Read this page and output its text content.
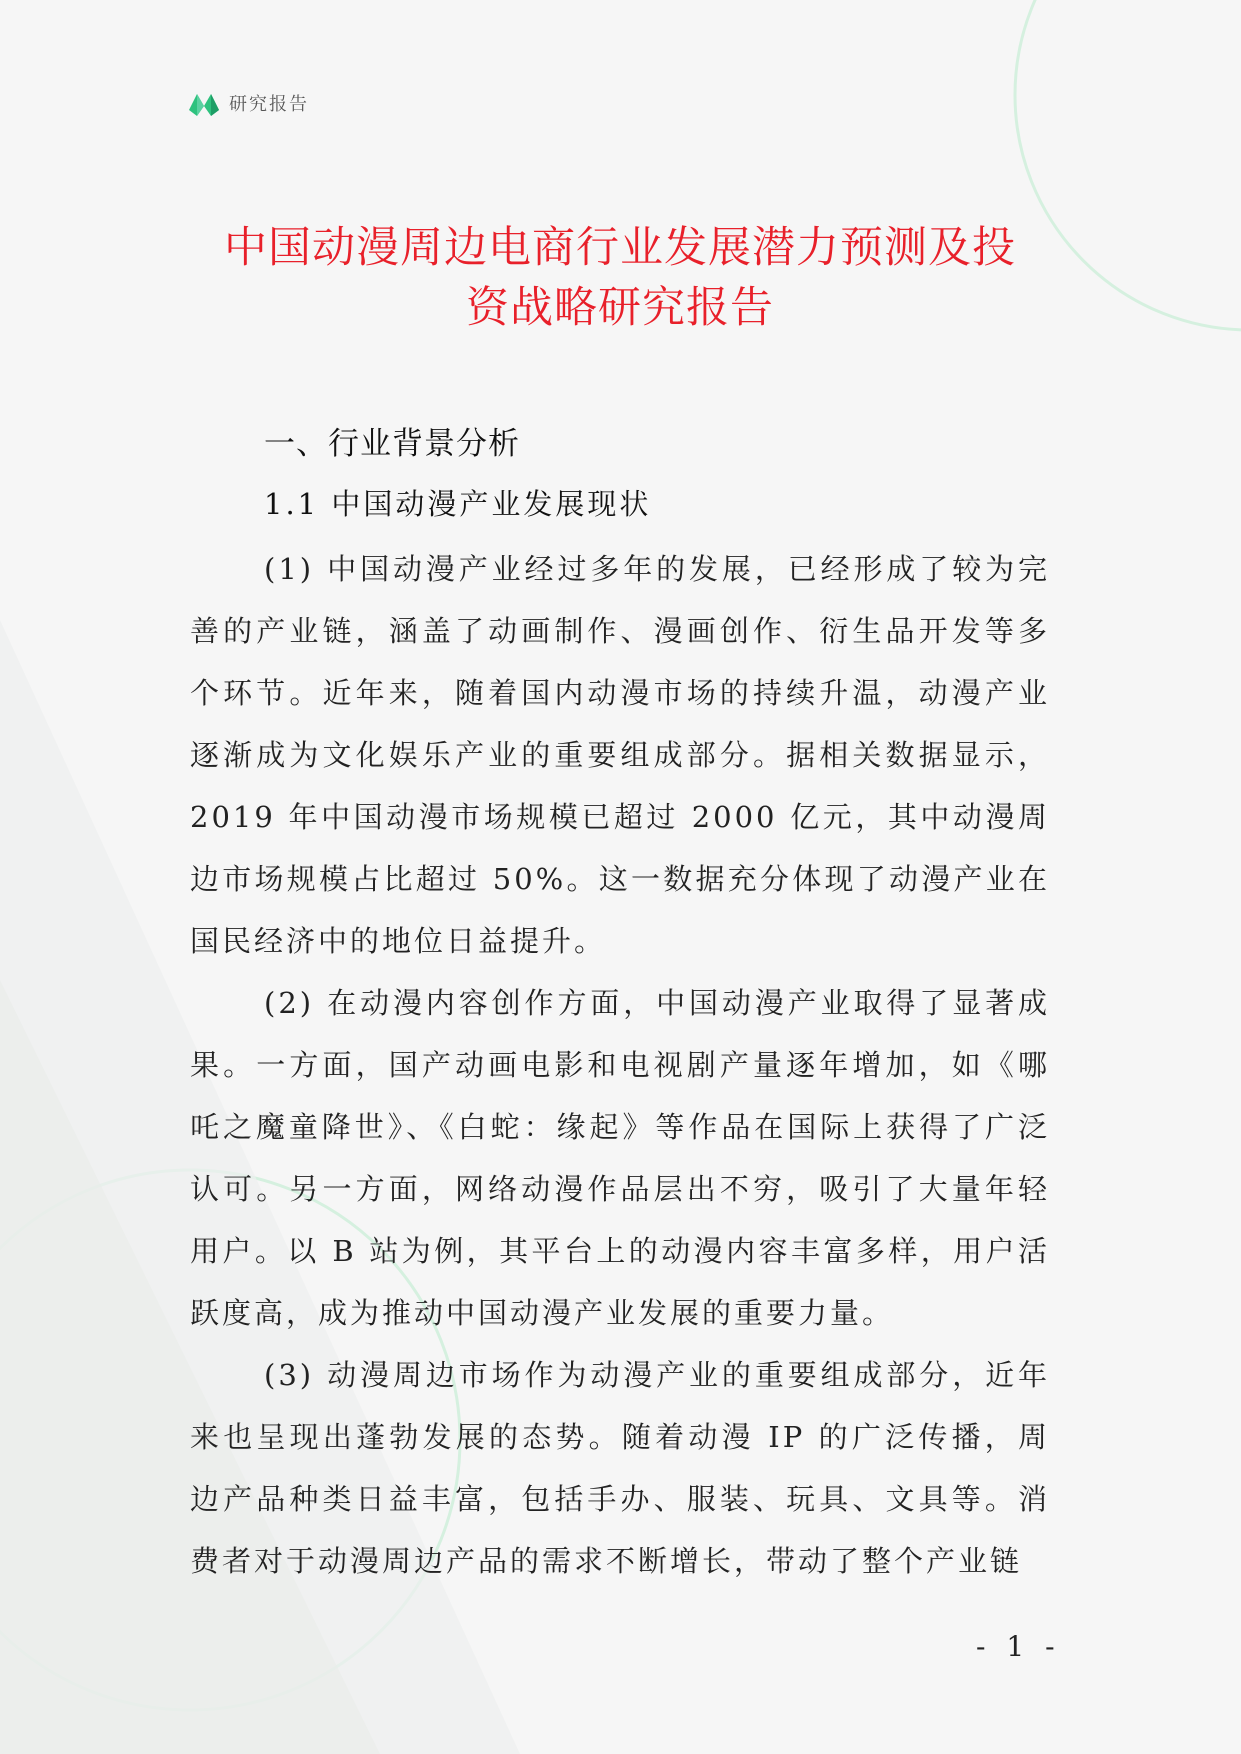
研究报告
中国动漫周边电商行业发展潜力预测及投
资战略研究报告
一、行业背景分析
1.1 中国动漫产业发展现状

(1) 中国动漫产业经过多年的发展，已经形成了较为完善的产业链，涵盖了动画制作、漫画创作、衍生品开发等多个环节。近年来，随着国内动漫市场的持续升温，动漫产业逐渐成为文化娱乐产业的重要组成部分。据相关数据显示，2019 年中国动漫市场规模已超过 2000 亿元，其中动漫周边市场规模占比超过 50%。这一数据充分体现了动漫产业在国民经济中的地位日益提升。

(2) 在动漫内容创作方面，中国动漫产业取得了显著成果。一方面，国产动画电影和电视剧产量逐年增加，如《哪吒之魔童降世》、《白蛇：缘起》等作品在国际上获得了广泛认可。另一方面，网络动漫作品层出不穷，吸引了大量年轻用户。以 B 站为例，其平台上的动漫内容丰富多样，用户活跃度高，成为推动中国动漫产业发展的重要力量。

(3) 动漫周边市场作为动漫产业的重要组成部分，近年来也呈现出蓬勃发展的态势。随着动漫 IP 的广泛传播，周边产品种类日益丰富，包括手办、服装、玩具、文具等。消费者对于动漫周边产品的需求不断增长，带动了整个产业链

- 1 -
